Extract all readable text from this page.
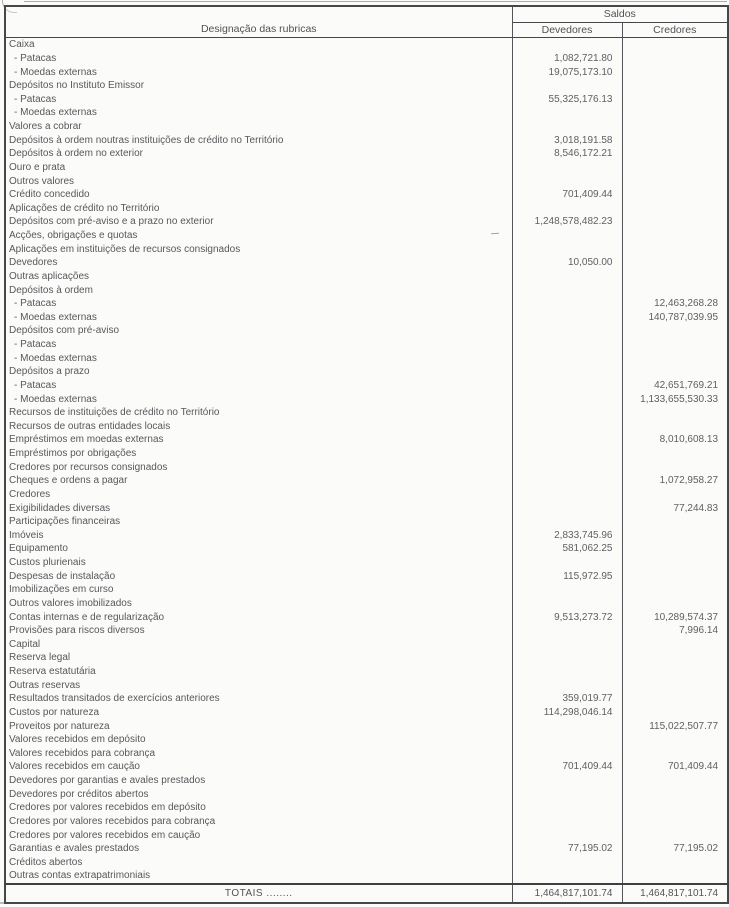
Designação das rubricas	Saldos	
	Devedores	Credores
Caixa		
- Patacas	1,082,721.80	
- Moedas externas	19,075,173.10	
Depósitos no Instituto Emissor		
- Patacas	55,325,176.13	
- Moedas externas		
Valores a cobrar		
Depósitos à ordem noutras instituições de crédito no Território	3,018,191.58	
Depósitos à ordem no exterior	8,546,172.21	
Ouro e prata		
Outros valores		
Crédito concedido	701,409.44	
Aplicações de crédito no Território		
Depósitos com pré-aviso e a prazo no exterior	1,248,578,482.23	
Acções, obrigações e quotas		
Aplicações em instituições de recursos consignados		
Devedores	10,050.00	
Outras aplicações		
Depósitos à ordem		
- Patacas		12,463,268.28
- Moedas externas		140,787,039.95
Depósitos com pré-aviso		
- Patacas		
- Moedas externas		
Depósitos a prazo		
- Patacas		42,651,769.21
- Moedas externas		1,133,655,530.33
Recursos de instituições de crédito no Território		
Recursos de outras entidades locais		
Empréstimos em moedas externas		8,010,608.13
Empréstimos por obrigações		
Credores por recursos consignados		
Cheques e ordens a pagar		1,072,958.27
Credores		
Exigibilidades diversas		77,244.83
Participações financeiras		
Imóveis	2,833,745.96	
Equipamento	581,062.25	
Custos plurienais		
Despesas de instalação	115,972.95	
Imobilizações em curso		
Outros valores imobilizados		
Contas internas e de regularização	9,513,273.72	10,289,574.37
Provisões para riscos diversos		7,996.14
Capital		
Reserva legal		
Reserva estatutária		
Outras reservas		
Resultados transitados de exercícios anteriores	359,019.77	
Custos por natureza	114,298,046.14	
Proveitos por natureza		115,022,507.77
Valores recebidos em depósito		
Valores recebidos para cobrança		
Valores recebidos em caução	701,409.44	701,409.44
Devedores por garantias e avales prestados		
Devedores por créditos abertos		
Credores por valores recebidos em depósito		
Credores por valores recebidos para cobrança		
Credores por valores recebidos em caução		
Garantias e avales prestados	77,195.02	77,195.02
Créditos abertos		
Outras contas extrapatrimoniais		
TOTAIS ........	1,464,817,101.74	1,464,817,101.74
